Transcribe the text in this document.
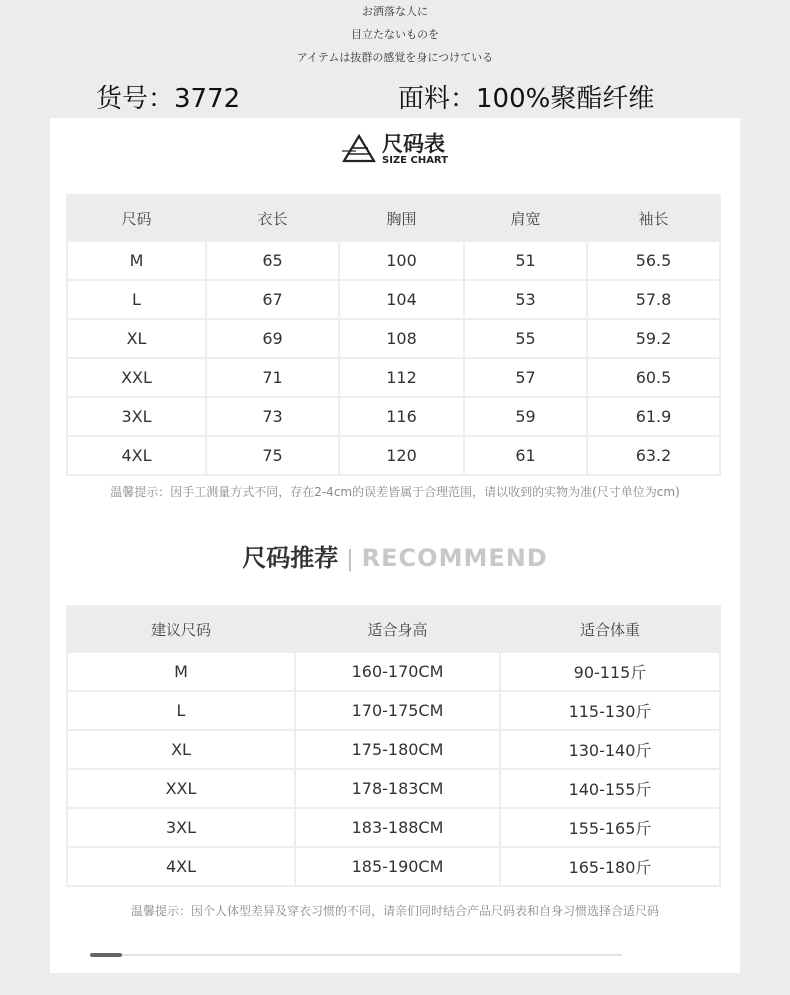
お洒落な人に
目立たないものを
アイテムは抜群の感覚を身につけている
货号：3772	面料：100%聚酯纤维
尺码表
SIZE CHART
尺码	衣长	胸围	肩宽	袖长
M	65	100	51	56.5
L	67	104	53	57.8
XL	69	108	55	59.2
XXL	71	112	57	60.5
3XL	73	116	59	61.9
4XL	75	120	61	63.2
温馨提示：因手工测量方式不同，存在2-4cm的误差皆属于合理范围，请以收到的实物为准(尺寸单位为cm)
尺码推荐 | RECOMMEND
建议尺码	适合身高	适合体重
M	160-170CM	90-115斤
L	170-175CM	115-130斤
XL	175-180CM	130-140斤
XXL	178-183CM	140-155斤
3XL	183-188CM	155-165斤
4XL	185-190CM	165-180斤
温馨提示：因个人体型差异及穿衣习惯的不同，请亲们同时结合产品尺码表和自身习惯选择合适尺码
